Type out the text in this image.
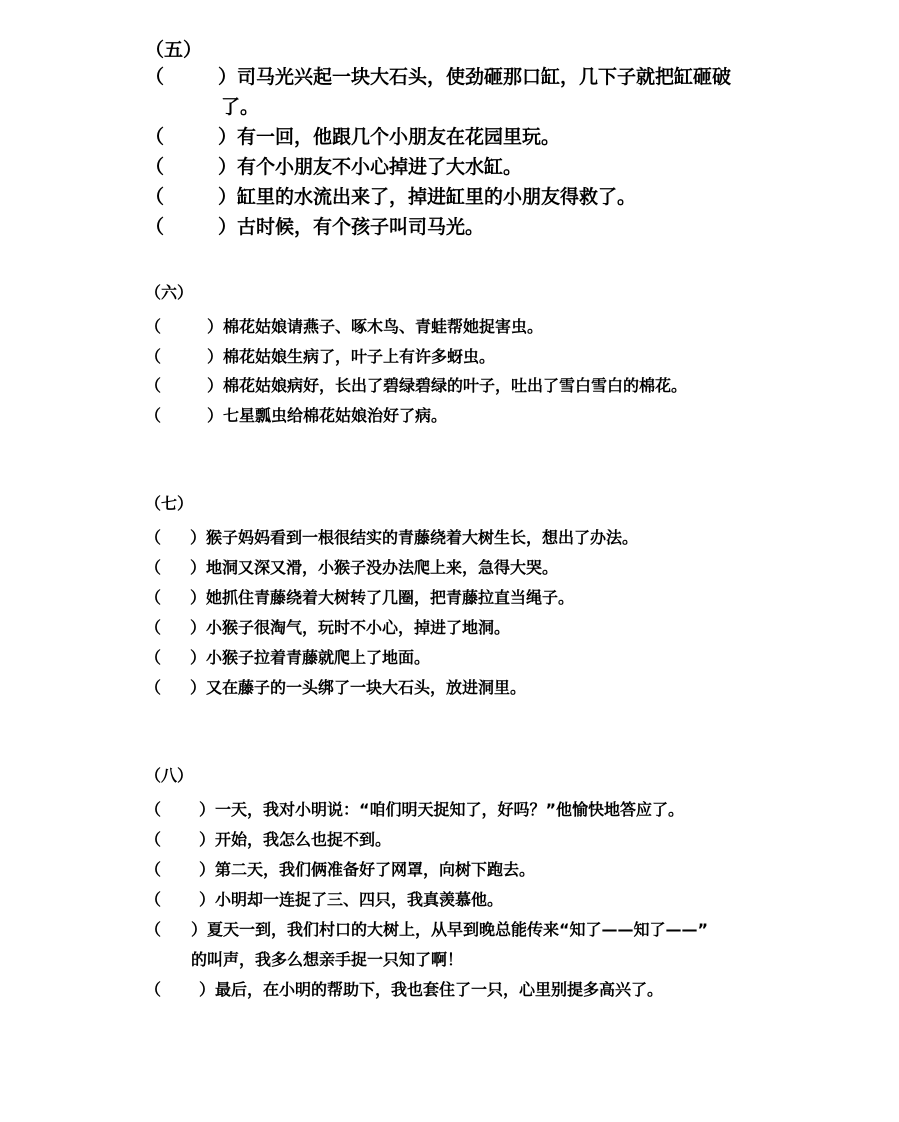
（五）
（	） 司马光兴起一块大石头，使劲砸那口缸，几下子就把缸砸破
了。
（	） 有一回，他跟几个小朋友在花园里玩。
（	） 有个小朋友不小心掉进了大水缸。
（	） 缸里的水流出来了，掉进缸里的小朋友得救了。
（	） 古时候，有个孩子叫司马光。
（六）
（	） 棉花姑娘请燕子、啄木鸟、青蛙帮她捉害虫。
（	） 棉花姑娘生病了，叶子上有许多蚜虫。
（	） 棉花姑娘病好，长出了碧绿碧绿的叶子，吐出了雪白雪白的棉花。
（	） 七星瓢虫给棉花姑娘治好了病。
（七）
（	） 猴子妈妈看到一根很结实的青藤绕着大树生长，想出了办法。
（	） 地洞又深又滑，小猴子没办法爬上来，急得大哭。
（	） 她抓住青藤绕着大树转了几圈，把青藤拉直当绳子。
（	） 小猴子很淘气，玩时不小心，掉进了地洞。
（	） 小猴子拉着青藤就爬上了地面。
（	） 又在藤子的一头绑了一块大石头，放进洞里。
（八）
（	） 一天，我对小明说：“咱们明天捉知了，好吗？”他愉快地答应了。
（	） 开始，我怎么也捉不到。
（	） 第二天，我们俩准备好了网罩，向树下跑去。
（	） 小明却一连捉了三、四只，我真羡慕他。
（	） 夏天一到，我们村口的大树上，从早到晚总能传来“知了——知了——”
的叫声，我多么想亲手捉一只知了啊！
（	） 最后，在小明的帮助下，我也套住了一只，心里别提多高兴了。
